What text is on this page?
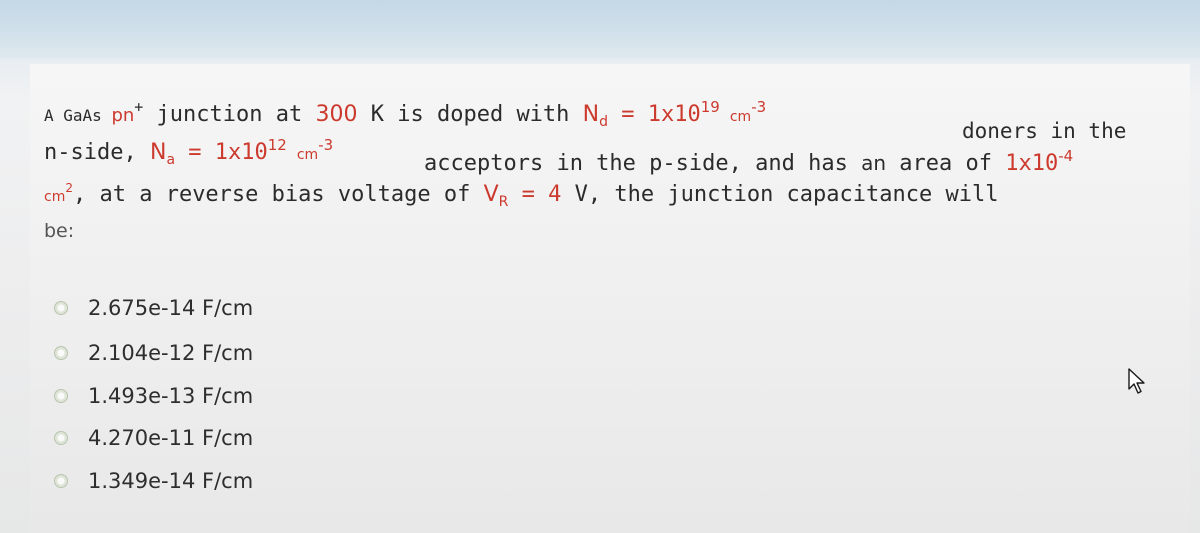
A GaAs pn+ junction at 300 K is doped with $N_d = 1x10^{19}cm^{-3}$
doners in the
n-side, $N_a = 1x10^{12}cm^{-3}$
acceptors in the p-side, and has an area of $1x10^{-4}$
$cm^2$, at a reverse bias voltage of $V_R = 4$ V, the junction capacitance will
be:
2.675e-14 F/cm
2.104e-12 F/cm
1.493e-13 F/cm
4.270e-11 F/cm
1.349e-14 F/cm
